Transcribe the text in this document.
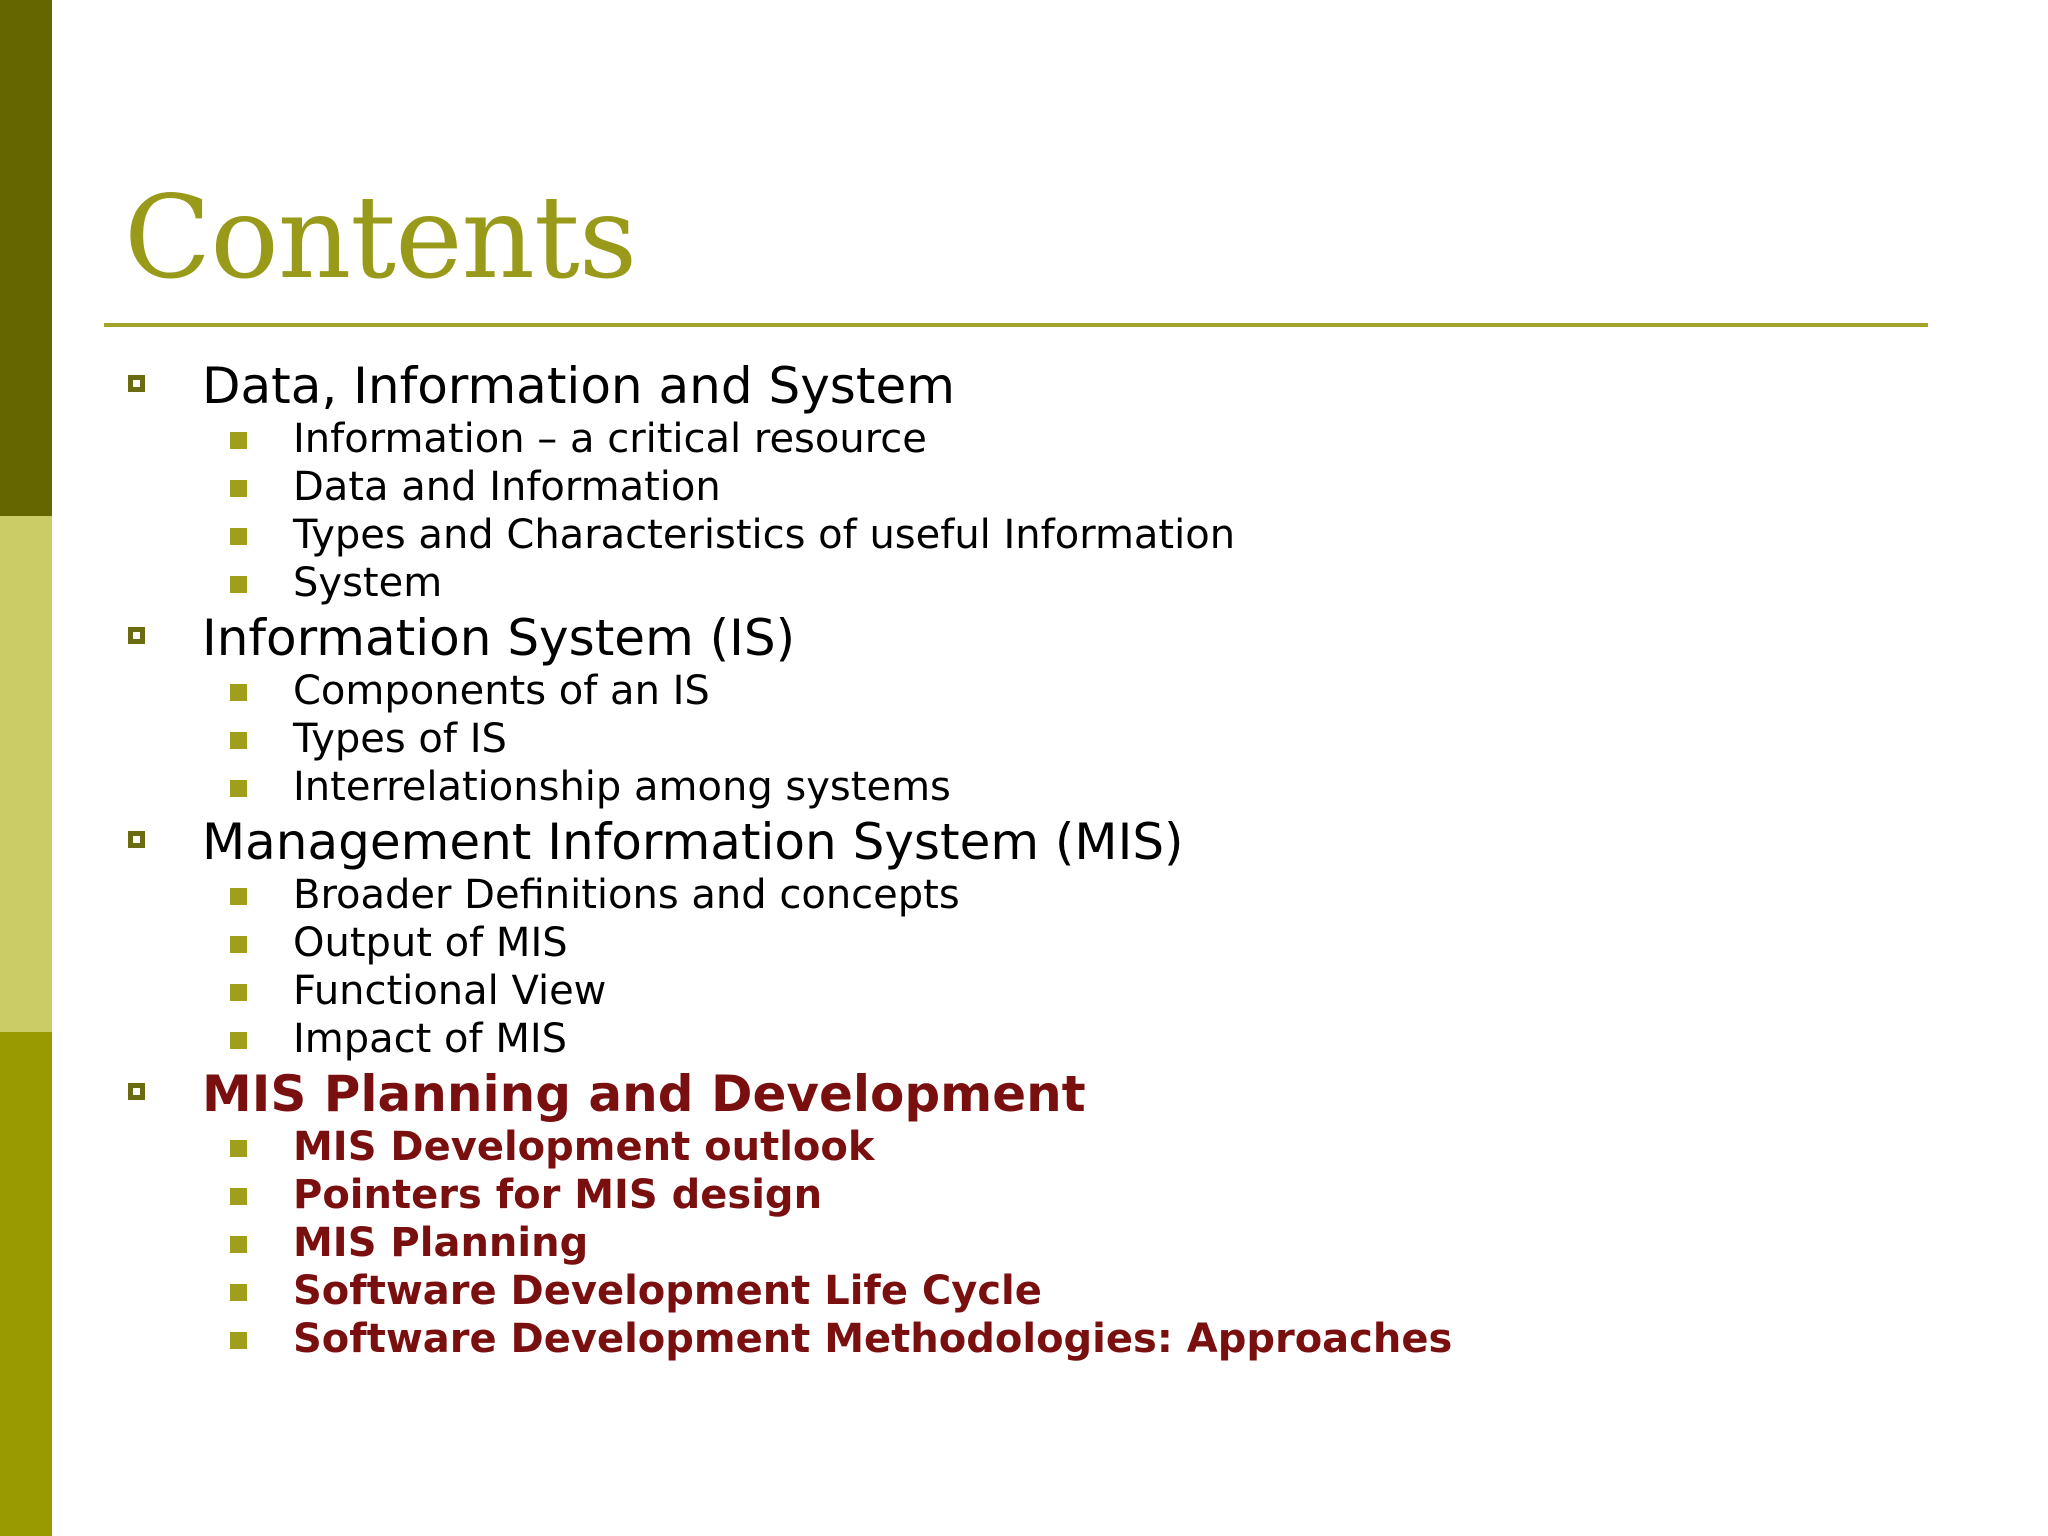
Contents
Data, Information and System
Information – a critical resource
Data and Information
Types and Characteristics of useful Information
System
Information System (IS)
Components of an IS
Types of IS
Interrelationship among systems
Management Information System (MIS)
Broader Definitions and concepts
Output of MIS
Functional View
Impact of MIS
MIS Planning and Development
MIS Development outlook
Pointers for MIS design
MIS Planning
Software Development Life Cycle
Software Development Methodologies: Approaches
